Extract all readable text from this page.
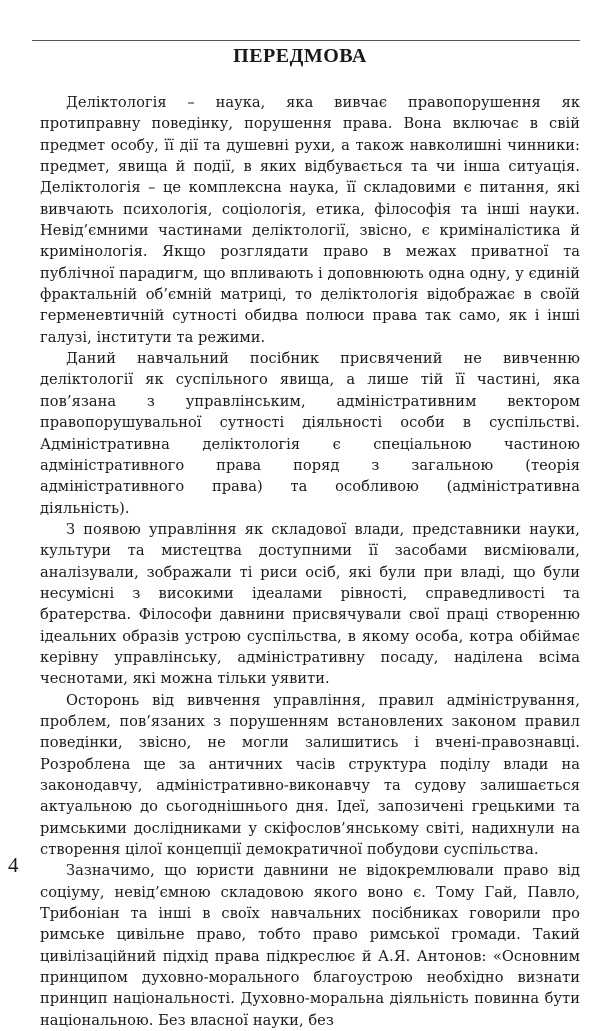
ПЕРЕДМОВА

Деліктологія – наука, яка вивчає правопорушення як протиправну поведінку, порушення права. Вона включає в свій предмет особу, її дії та душевні рухи, а також навколишні чинники: предмет, явища й події, в яких відбувається та чи інша ситуація. Деліктологія – це комплексна наука, її складовими є питання, які вивчають психологія, соціологія, етика, філософія та інші науки. Невід’ємними частинами деліктології, звісно, є криміналістика й кримінологія. Якщо розглядати право в межах приватної та публічної парадигм, що впливають і доповнюють одна одну, у єдиній фрактальній об’ємній матриці, то деліктологія відображає в своїй герменевтичній сутності обидва полюси права так само, як і інші галузі, інститути та режими.

Даний навчальний посібник присвячений не вивченню деліктології як суспільного явища, а лише тій її частині, яка пов’язана з управлінським, адміністративним вектором правопорушувальної сутності діяльності особи в суспільстві. Адміністративна деліктологія є спеціальною частиною адміністративного права поряд з загальною (теорія адміністративного права) та особливою (адміністративна діяльність).

З появою управління як складової влади, представники науки, культури та мистецтва доступними її засобами висміювали, аналізували, зображали ті риси осіб, які були при владі, що були несумісні з високими ідеалами рівності, справедливості та братерства. Філософи давнини присвячували свої праці створенню ідеальних образів устрою суспільства, в якому особа, котра обіймає керівну управлінську, адміністративну посаду, наділена всіма чеснотами, які можна тільки уявити.

Осторонь від вивчення управління, правил адміністрування, проблем, пов’язаних з порушенням встановлених законом правил поведінки, звісно, не могли залишитись і вчені-правознавці. Розроблена ще за античних часів структура поділу влади на законодавчу, адміністративно-виконавчу та судову залишається актуальною до сьогоднішнього дня. Ідеї, запозичені грецькими та римськими дослідниками у скіфослов’янському світі, надихнули на створення цілої концепції демократичної побудови суспільства.

Зазначимо, що юристи давнини не відокремлювали право від соціуму, невід’ємною складовою якого воно є. Тому Гай, Павло, Трибоніан та інші в своїх навчальних посібниках говорили про римське цивільне право, тобто право римської громади. Такий цивілізаційний підхід права підкреслює й А.Я. Антонов: «Основним принципом духовно-морального благоустрою необхідно визнати принцип національності. Духовно-моральна діяльність повинна бути національною. Без власної науки, без

4
